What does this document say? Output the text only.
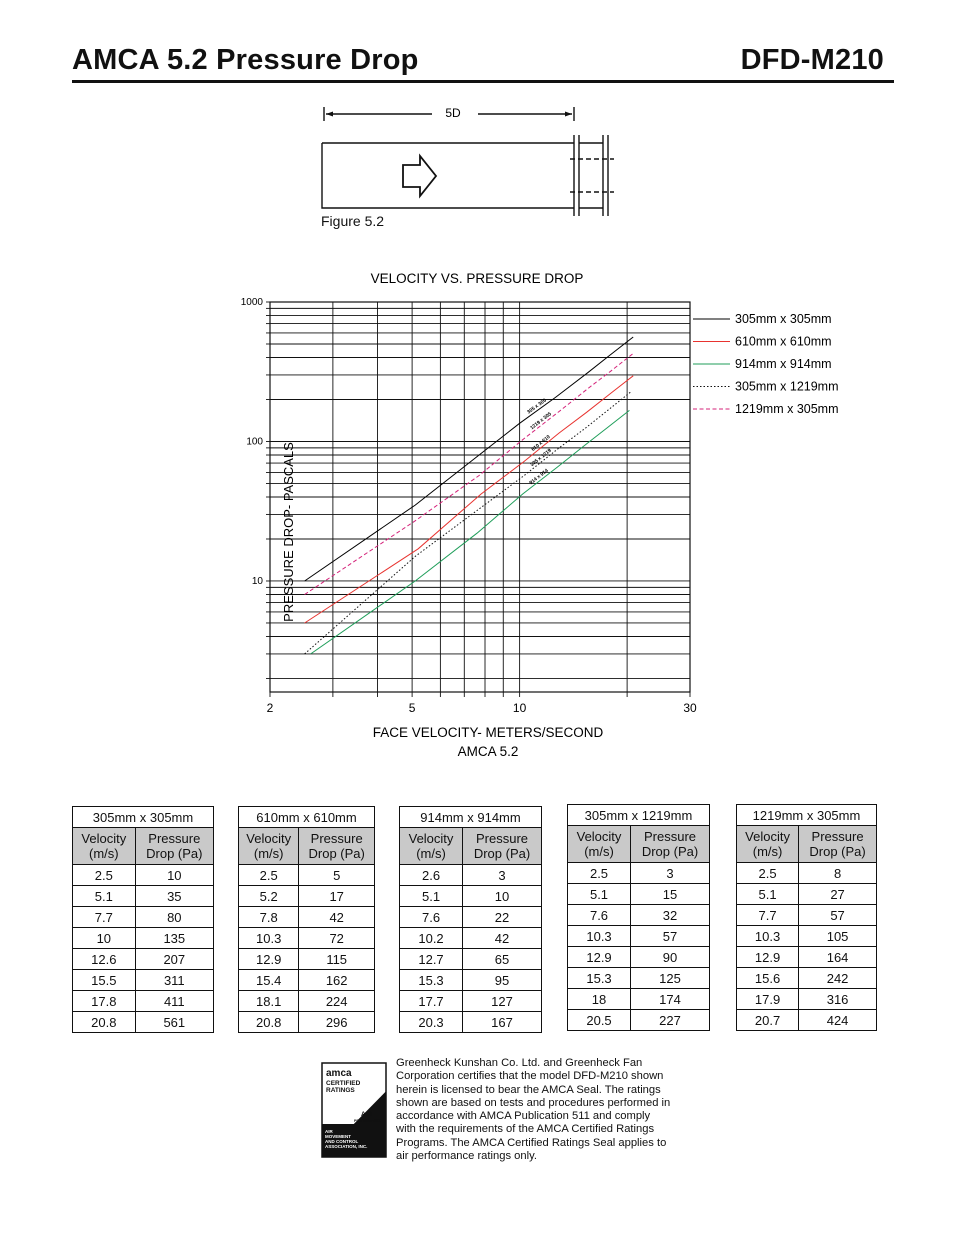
AMCA 5.2 Pressure Drop	DFD-M210
5D
Figure 5.2
VELOCITY VS. PRESSURE DROP
2	5	10	30
10
100
1000
305 x 305
610 x 610
914 x 914
305 x 1219
1219 x 305
305mm x 305mm
610mm x 610mm
914mm x 914mm
305mm x 1219mm
1219mm x 305mm
PRESSURE DROP- PASCALS
FACE VELOCITY- METERS/SECOND
AMCA 5.2
305mm x 305mm	
Velocity
(m/s)	Pressure
Drop (Pa)
2.5	10
5.1	35
7.7	80
10	135
12.6	207
15.5	311
17.8	411
20.8	561
610mm x 610mm	
Velocity
(m/s)	Pressure
Drop (Pa)
2.5	5
5.2	17
7.8	42
10.3	72
12.9	115
15.4	162
18.1	224
20.8	296
914mm x 914mm	
Velocity
(m/s)	Pressure
Drop (Pa)
2.6	3
5.1	10
7.6	22
10.2	42
12.7	65
15.3	95
17.7	127
20.3	167
305mm x 1219mm	
Velocity
(m/s)	Pressure
Drop (Pa)
2.5	3
5.1	15
7.6	32
10.3	57
12.9	90
15.3	125
18	174
20.5	227
1219mm x 305mm	
Velocity
(m/s)	Pressure
Drop (Pa)
2.5	8
5.1	27
7.7	57
10.3	105
12.9	164
15.6	242
17.9	316
20.7	424
amca
CERTIFIED
RATINGS
AIR
PERFORMANCE
AIR
MOVEMENT
AND CONTROL
ASSOCIATION, INC.
Greenheck Kunshan Co. Ltd. and Greenheck Fan Corporation certifies that the model DFD-M210 shown herein is licensed to bear the AMCA Seal. The ratings shown are based on tests and procedures performed in accordance with AMCA Publication 511 and comply with the requirements of the AMCA Certified Ratings Programs. The AMCA Certified Ratings Seal applies to air performance ratings only.
